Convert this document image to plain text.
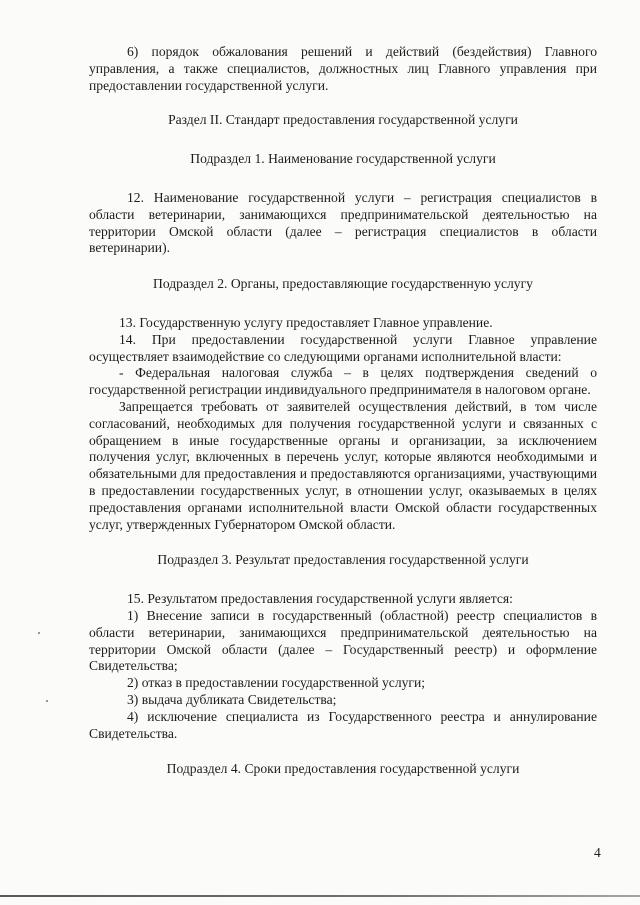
6) порядок обжалования решений и действий (бездействия) Главного управления, а также специалистов, должностных лиц Главного управления при предоставлении государственной услуги.

Раздел II. Стандарт предоставления государственной услуги

Подраздел 1. Наименование государственной услуги

12. Наименование государственной услуги – регистрация специалистов в области ветеринарии, занимающихся предпринимательской деятельностью на территории Омской области (далее – регистрация специалистов в области ветеринарии).

Подраздел 2. Органы, предоставляющие государственную услугу

13. Государственную услугу предоставляет Главное управление.

14. При предоставлении государственной услуги Главное управление осуществляет взаимодействие со следующими органами исполнительной власти:

- Федеральная налоговая служба – в целях подтверждения сведений о государственной регистрации индивидуального предпринимателя в налоговом органе.

Запрещается требовать от заявителей осуществления действий, в том числе согласований, необходимых для получения государственной услуги и связанных с обращением в иные государственные органы и организации, за исключением получения услуг, включенных в перечень услуг, которые являются необходимыми и обязательными для предоставления и предоставляются организациями, участвующими в предоставлении государственных услуг, в отношении услуг, оказываемых в целях предоставления органами исполнительной власти Омской области государственных услуг, утвержденных Губернатором Омской области.

Подраздел 3. Результат предоставления государственной услуги

15. Результатом предоставления государственной услуги является:

1) Внесение записи в государственный (областной) реестр специалистов в области ветеринарии, занимающихся предпринимательской деятельностью на территории Омской области (далее – Государственный реестр) и оформление Свидетельства;

2) отказ в предоставлении государственной услуги;

3) выдача дубликата Свидетельства;

4) исключение специалиста из Государственного реестра и аннулирование Свидетельства.

Подраздел 4. Сроки предоставления государственной услуги

4
